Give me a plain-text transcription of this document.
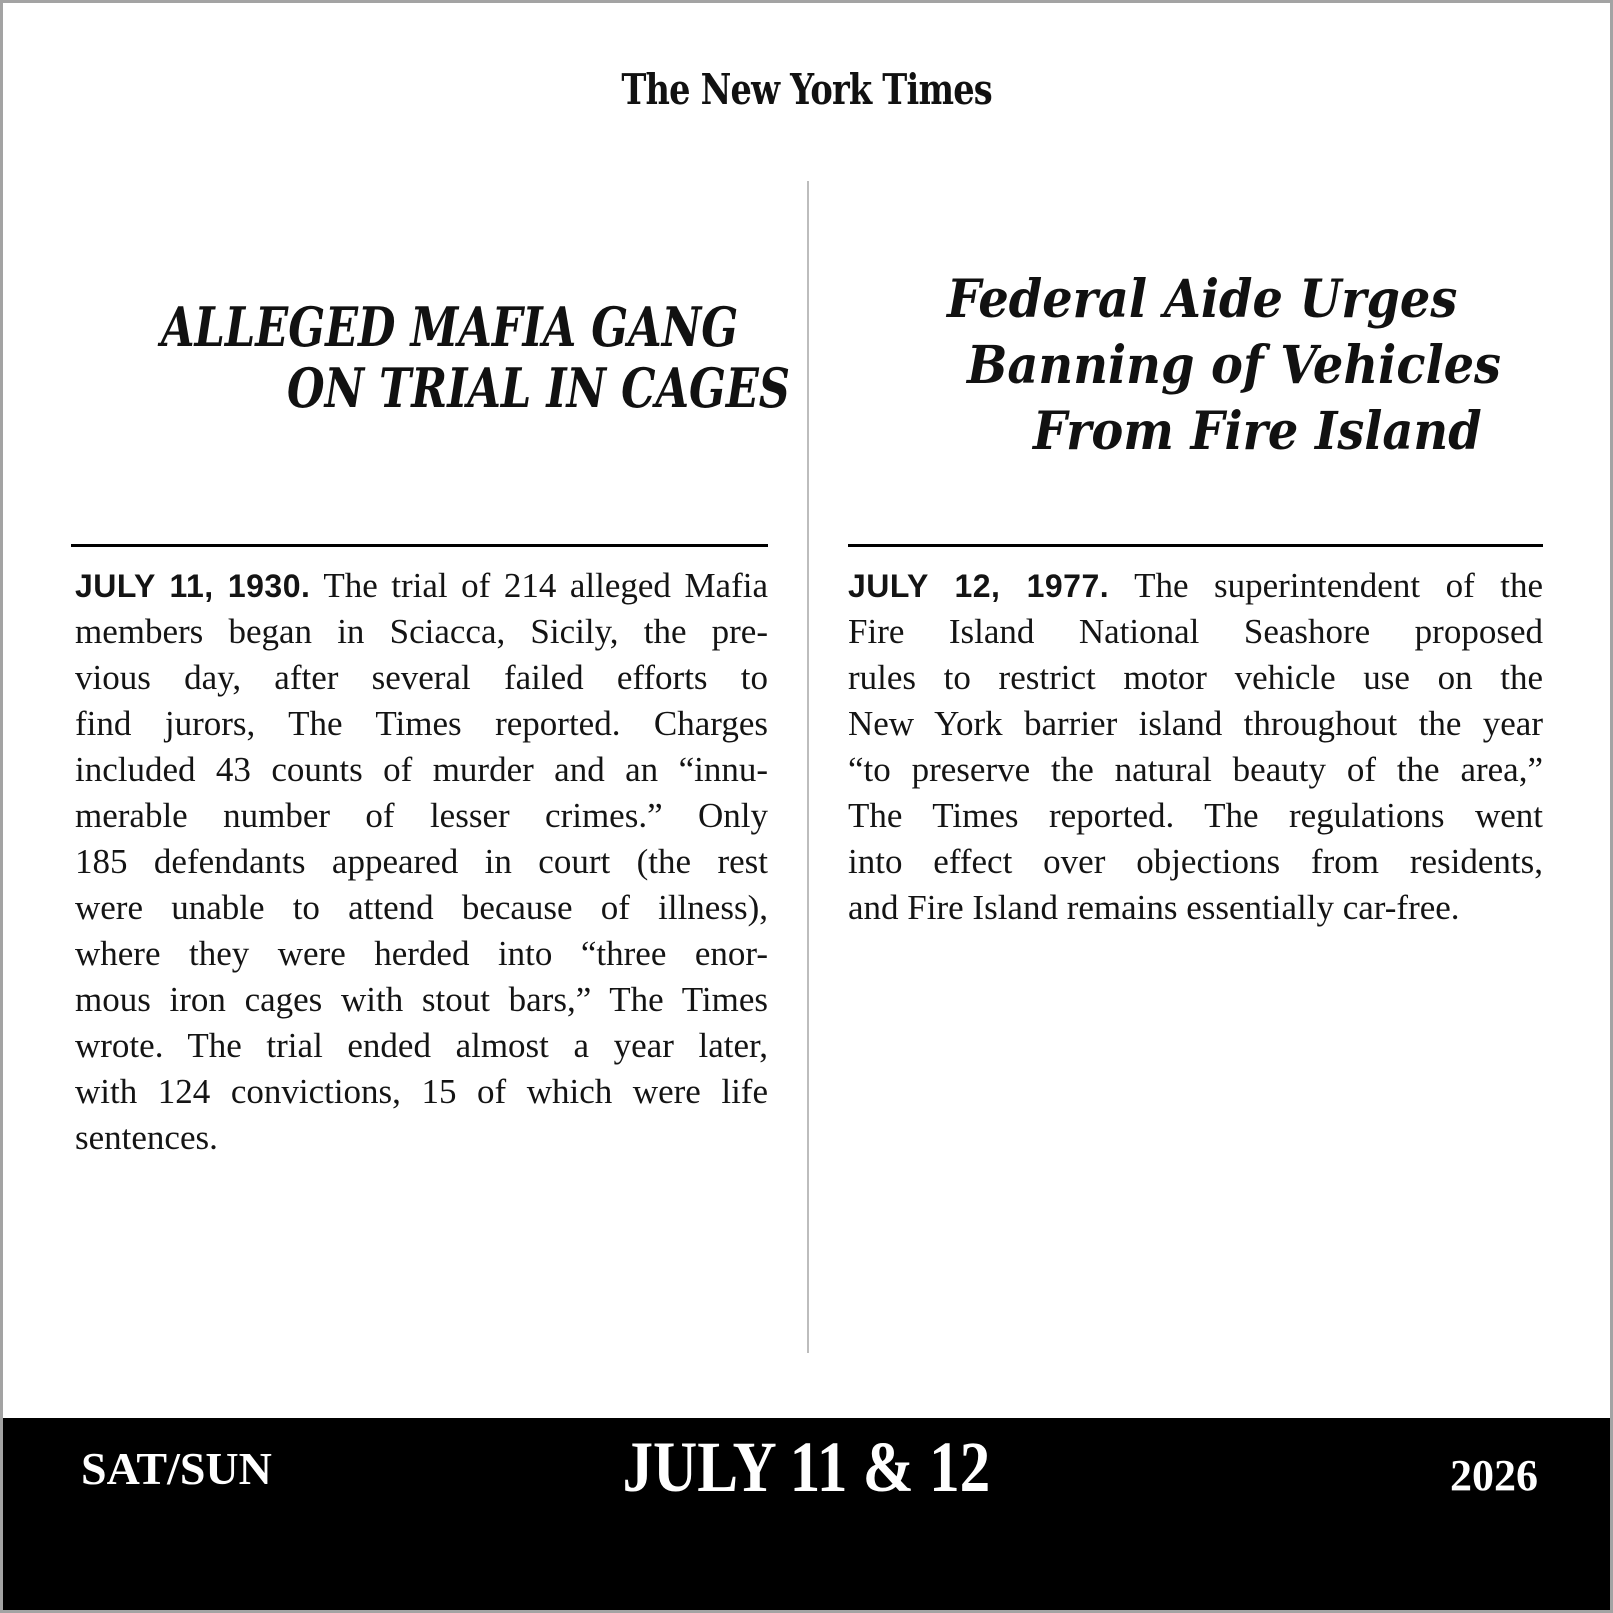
The New York Times
ALLEGED MAFIA GANG
ON TRIAL IN CAGES
Federal Aide Urges
Banning of Vehicles
From Fire Island
JULY 11, 1930. The trial of 214 alleged Mafia
members began in Sciacca, Sicily, the pre-
vious day, after several failed efforts to
find jurors, The Times reported. Charges
included 43 counts of murder and an “innu-
merable number of lesser crimes.” Only
185 defendants appeared in court (the rest
were unable to attend because of illness),
where they were herded into “three enor-
mous iron cages with stout bars,” The Times
wrote. The trial ended almost a year later,
with 124 convictions, 15 of which were life
sentences.
JULY 12, 1977. The superintendent of the
Fire Island National Seashore proposed
rules to restrict motor vehicle use on the
New York barrier island throughout the year
“to preserve the natural beauty of the area,”
The Times reported. The regulations went
into effect over objections from residents,
and Fire Island remains essentially car-free.
SAT/SUN	JULY 11 & 12	2026
